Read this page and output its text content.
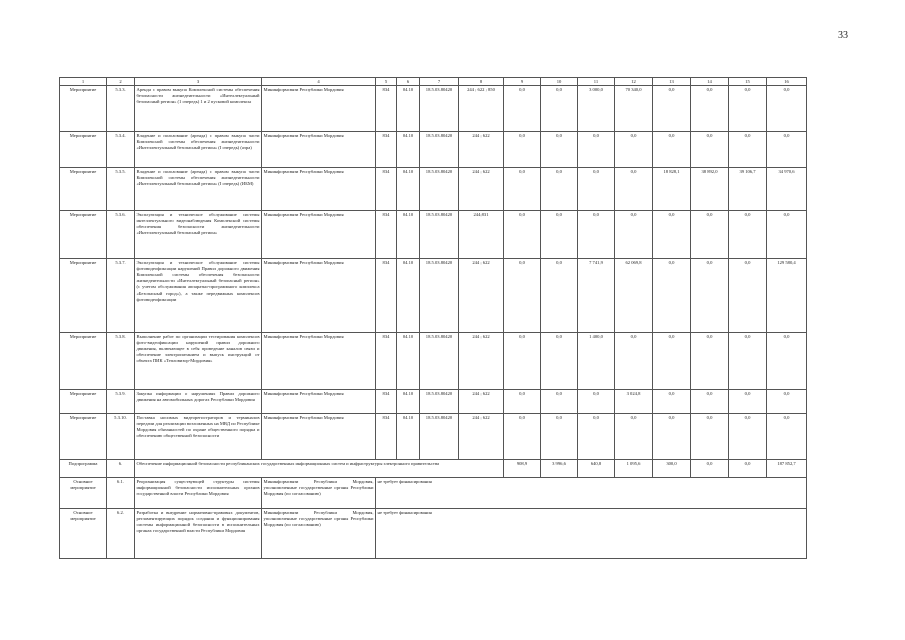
33
1	2	3	4	5	6	7	8	9	10	11	12	13	14	15	16
Мероприятие	5.3.3.	Аренда с правом выкупа Комплексной системы обеспечения безопасности жизнедеятельности «Интеллектуальный безопасный регион» (1 очередь) 1 и 2 пусковой комплексы	Мининформсвязи Республики Мордовия	834	04.10	18.5.03.80420	244 ; 622 ; 850	0,0	0,0	3 000,0	70 340,0	0,0	0,0	0,0	0,0
Мероприятие	5.3.4.	Владение и пользование (аренда) с правом выкупа части Комплексной системы обеспечения жизнедеятельности «Интеллектуальный безопасный регион» (I очередь) (аэра)	Мининформсвязи Республики Мордовия	834	04.10	18.5.03.80420	244 ; 622	0,0	0,0	0,0	0,0	0,0	0,0	0,0	0,0
Мероприятие	5.3.5.	Владение и пользование (аренда) с правом выкупа части Комплексной системы обеспечения жизнедеятельности «Интеллектуальный безопасный регион» (I очередь) (ИБМ)	Мининформсвязи Республики Мордовия	834	04.10	18.5.03.80420	244 ; 622	0,0	0,0	0,0	0,0	18 828,1	38 892,0	39 106,7	34 970,6
Мероприятие	5.3.6.	Эксплуатация и техническое обслуживание системы интеллектуального видеонаблюдения Комплексной системы обеспечения безопасности жизнедеятельности «Интеллектуальный безопасный регион»	Мининформсвязи Республики Мордовия	834	04.10	18.5.03.80420	244;831	0,0	0,0	0,0	0,0	0,0	0,0	0,0	0,0
Мероприятие	5.3.7.	Эксплуатация и техническое обслуживание системы фотовидеофиксации нарушений Правил дорожного движения Комплексной системы обеспечения безопасности жизнедеятельности «Интеллектуальный безопасный регион» (с учетом обслуживания аппаратно-программного комплекса «Безопасный город»), а также передвижных комплексов фотовидеофиксации	Мининформсвязи Республики Мордовия	834	04.10	18.5.03.80420	244 ; 622	0,0	0,0	7 741,9	62 069,8	0,0	0,0	0,0	129 580,4
Мероприятие	5.3.8.	Выполнение работ по организации тестирования комплексов фото-видеофиксации нарушений правил дорожного движения, включающее в себя проведение каналов связи и обеспечение электропитанием и выпуск инструкций от объекта ПИК «Тепловизор-Мордовия»	Мининформсвязи Республики Мордовия	834	04.10	18.5.03.80420	244 ; 622	0,0	0,0	1 400,0	0,0	0,0	0,0	0,0	0,0
Мероприятие	5.3.9.	Закупка информации о нарушениях Правил дорожного движения на автомобильных дорогах Республики Мордовия	Мининформсвязи Республики Мордовия	834	04.10	18.5.03.80420	244 ; 622	0,0	0,0	0,0	3 024,8	0,0	0,0	0,0	0,0
Мероприятие	5.3.10.	Поставка носимых видеорегистраторов и терминалов передачи для реализации возложенных на МВД по Республике Мордовия обязанностей по охране общественного порядка и обеспечению общественной безопасности	Мининформсвязи Республики Мордовия	834	04.10	18.5.03.80420	244 ; 622	0,0	0,0	0,0	0,0	0,0	0,0	0,0	0,0
Подпрограмма	6.	Обеспечение информационной безопасности республиканских государственных информационных систем и инфраструктуры электронного правительства						908,9	3 996,6	640,8	1 095,6	300,0	0,0	0,0	187 852,7
Основное мероприятие	6.1.	Реорганизация существующей структуры системы информационной безопасности исполнительных органов государственной власти Республики Мордовия	Мининформсвязи Республики Мордовия, уполномоченные государственные органы Республики Мордовия (по согласованию)	не требует финансирования											
Основное мероприятие	6.2.	Разработка и внедрение нормативно-правовых документов, регламентирующих порядок создания и функционирования системы информационной безопасности в исполнительных органах государственной власти Республики Мордовия	Мининформсвязи Республики Мордовия, уполномоченные государственные органы Республики Мордовия (по согласованию)	не требует финансирования											
